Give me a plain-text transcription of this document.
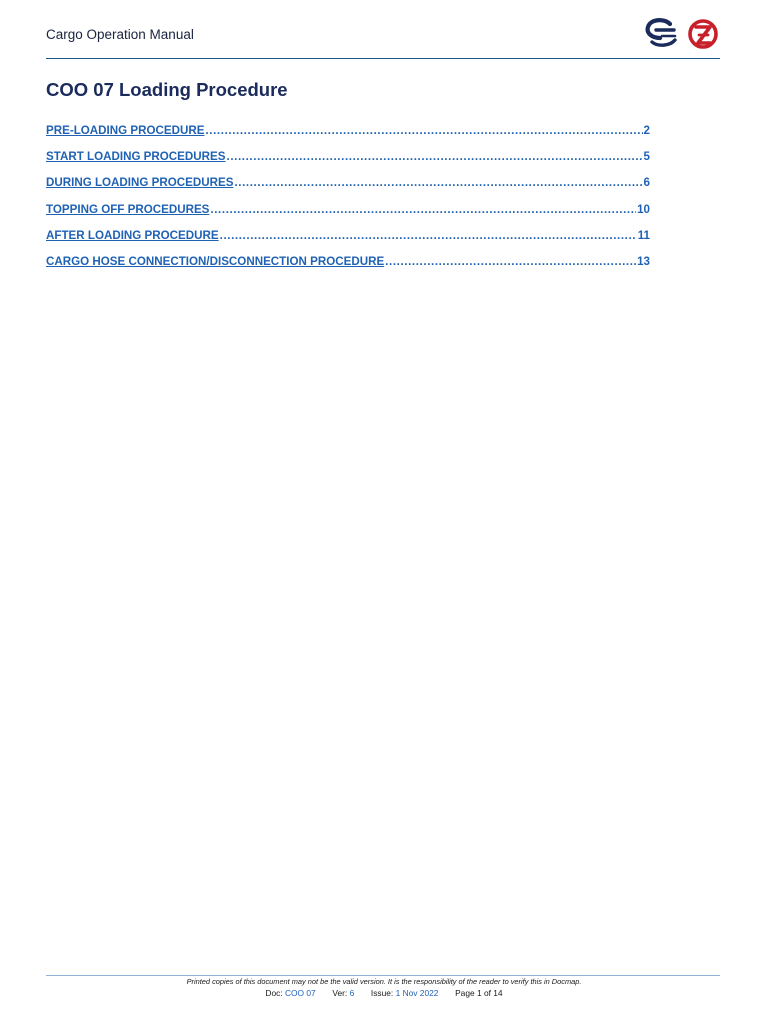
Cargo Operation Manual
COO 07 Loading Procedure
PRE-LOADING PROCEDURE .....	2
START LOADING PROCEDURES .....	5
DURING LOADING PROCEDURES .....	6
TOPPING OFF PROCEDURES .....	10
AFTER LOADING PROCEDURE .....	11
CARGO HOSE CONNECTION/DISCONNECTION PROCEDURE .....	13
Printed copies of this document may not be the valid version. It is the responsibility of the reader to verify this in Docmap.
Doc: COO 07 Ver: 6 Issue: 1 Nov 2022 Page 1 of 14
